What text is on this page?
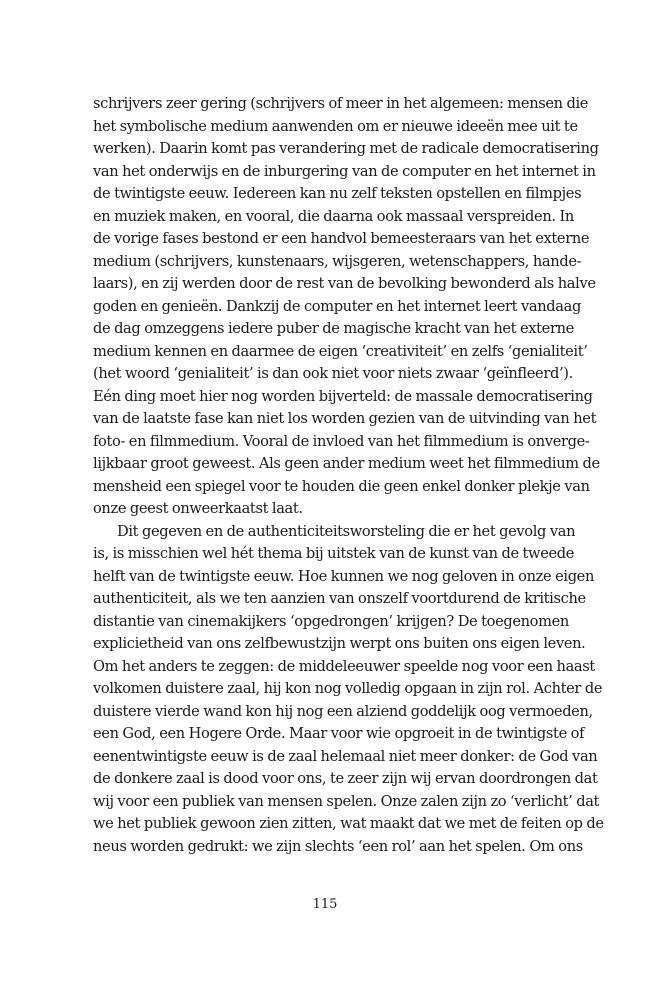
schrijvers zeer gering (schrijvers of meer in het algemeen: mensen die
het symbolische medium aanwenden om er nieuwe ideeën mee uit te
werken). Daarin komt pas verandering met de radicale democratisering
van het onderwijs en de inburgering van de computer en het internet in
de twintigste eeuw. Iedereen kan nu zelf teksten opstellen en filmpjes
en muziek maken, en vooral, die daarna ook massaal verspreiden. In
de vorige fases bestond er een handvol bemeesteraars van het externe
medium (schrijvers, kunstenaars, wijsgeren, wetenschappers, hande-
laars), en zij werden door de rest van de bevolking bewonderd als halve
goden en genieën. Dankzij de computer en het internet leert vandaag
de dag omzeggens iedere puber de magische kracht van het externe
medium kennen en daarmee de eigen ‘creativiteit’ en zelfs ‘genialiteit’
(het woord ‘genialiteit’ is dan ook niet voor niets zwaar ‘geïnfleerd’).
Eén ding moet hier nog worden bijverteld: de massale democratisering
van de laatste fase kan niet los worden gezien van de uitvinding van het
foto- en filmmedium. Vooral de invloed van het filmmedium is onverge-
lijkbaar groot geweest. Als geen ander medium weet het filmmedium de
mensheid een spiegel voor te houden die geen enkel donker plekje van
onze geest onweerkaatst laat.
Dit gegeven en de authenticiteitsworsteling die er het gevolg van
is, is misschien wel hét thema bij uitstek van de kunst van de tweede
helft van de twintigste eeuw. Hoe kunnen we nog geloven in onze eigen
authenticiteit, als we ten aanzien van onszelf voortdurend de kritische
distantie van cinemakijkers ‘opgedrongen’ krijgen? De toegenomen
explicietheid van ons zelfbewustzijn werpt ons buiten ons eigen leven.
Om het anders te zeggen: de middeleeuwer speelde nog voor een haast
volkomen duistere zaal, hij kon nog volledig opgaan in zijn rol. Achter de
duistere vierde wand kon hij nog een alziend goddelijk oog vermoeden,
een God, een Hogere Orde. Maar voor wie opgroeit in de twintigste of
eenentwintigste eeuw is de zaal helemaal niet meer donker: de God van
de donkere zaal is dood voor ons, te zeer zijn wij ervan doordrongen dat
wij voor een publiek van mensen spelen. Onze zalen zijn zo ‘verlicht’ dat
we het publiek gewoon zien zitten, wat maakt dat we met de feiten op de
neus worden gedrukt: we zijn slechts ‘een rol’ aan het spelen. Om ons
115
